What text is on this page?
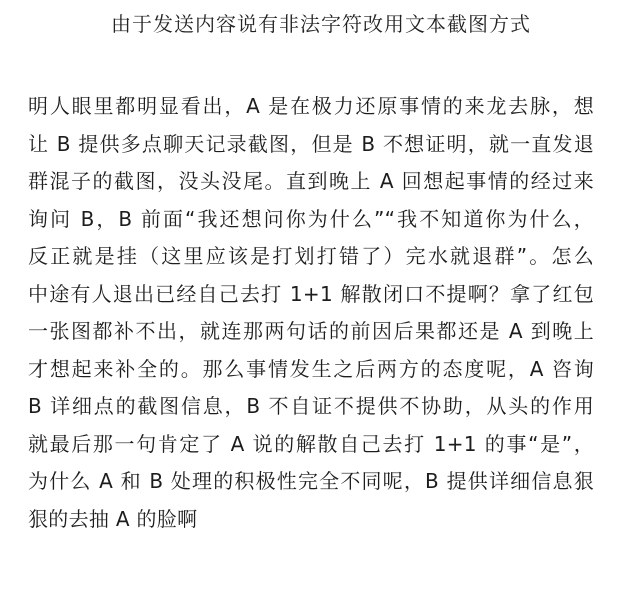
由于发送内容说有非法字符改用文本截图方式
明人眼里都明显看出，A 是在极力还原事情的来龙去脉，想
让 B 提供多点聊天记录截图，但是 B 不想证明，就一直发退
群混子的截图，没头没尾。直到晚上 A 回想起事情的经过来
询问 B，B 前面“我还想问你为什么”“我不知道你为什么，
反正就是挂（这里应该是打划打错了）完水就退群”。怎么
中途有人退出已经自己去打 1+1 解散闭口不提啊？拿了红包
一张图都补不出，就连那两句话的前因后果都还是 A 到晚上
才想起来补全的。那么事情发生之后两方的态度呢，A 咨询
B 详细点的截图信息，B 不自证不提供不协助，从头的作用
就最后那一句肯定了 A 说的解散自己去打 1+1 的事“是”，
为什么 A 和 B 处理的积极性完全不同呢，B 提供详细信息狠
狠的去抽 A 的脸啊
